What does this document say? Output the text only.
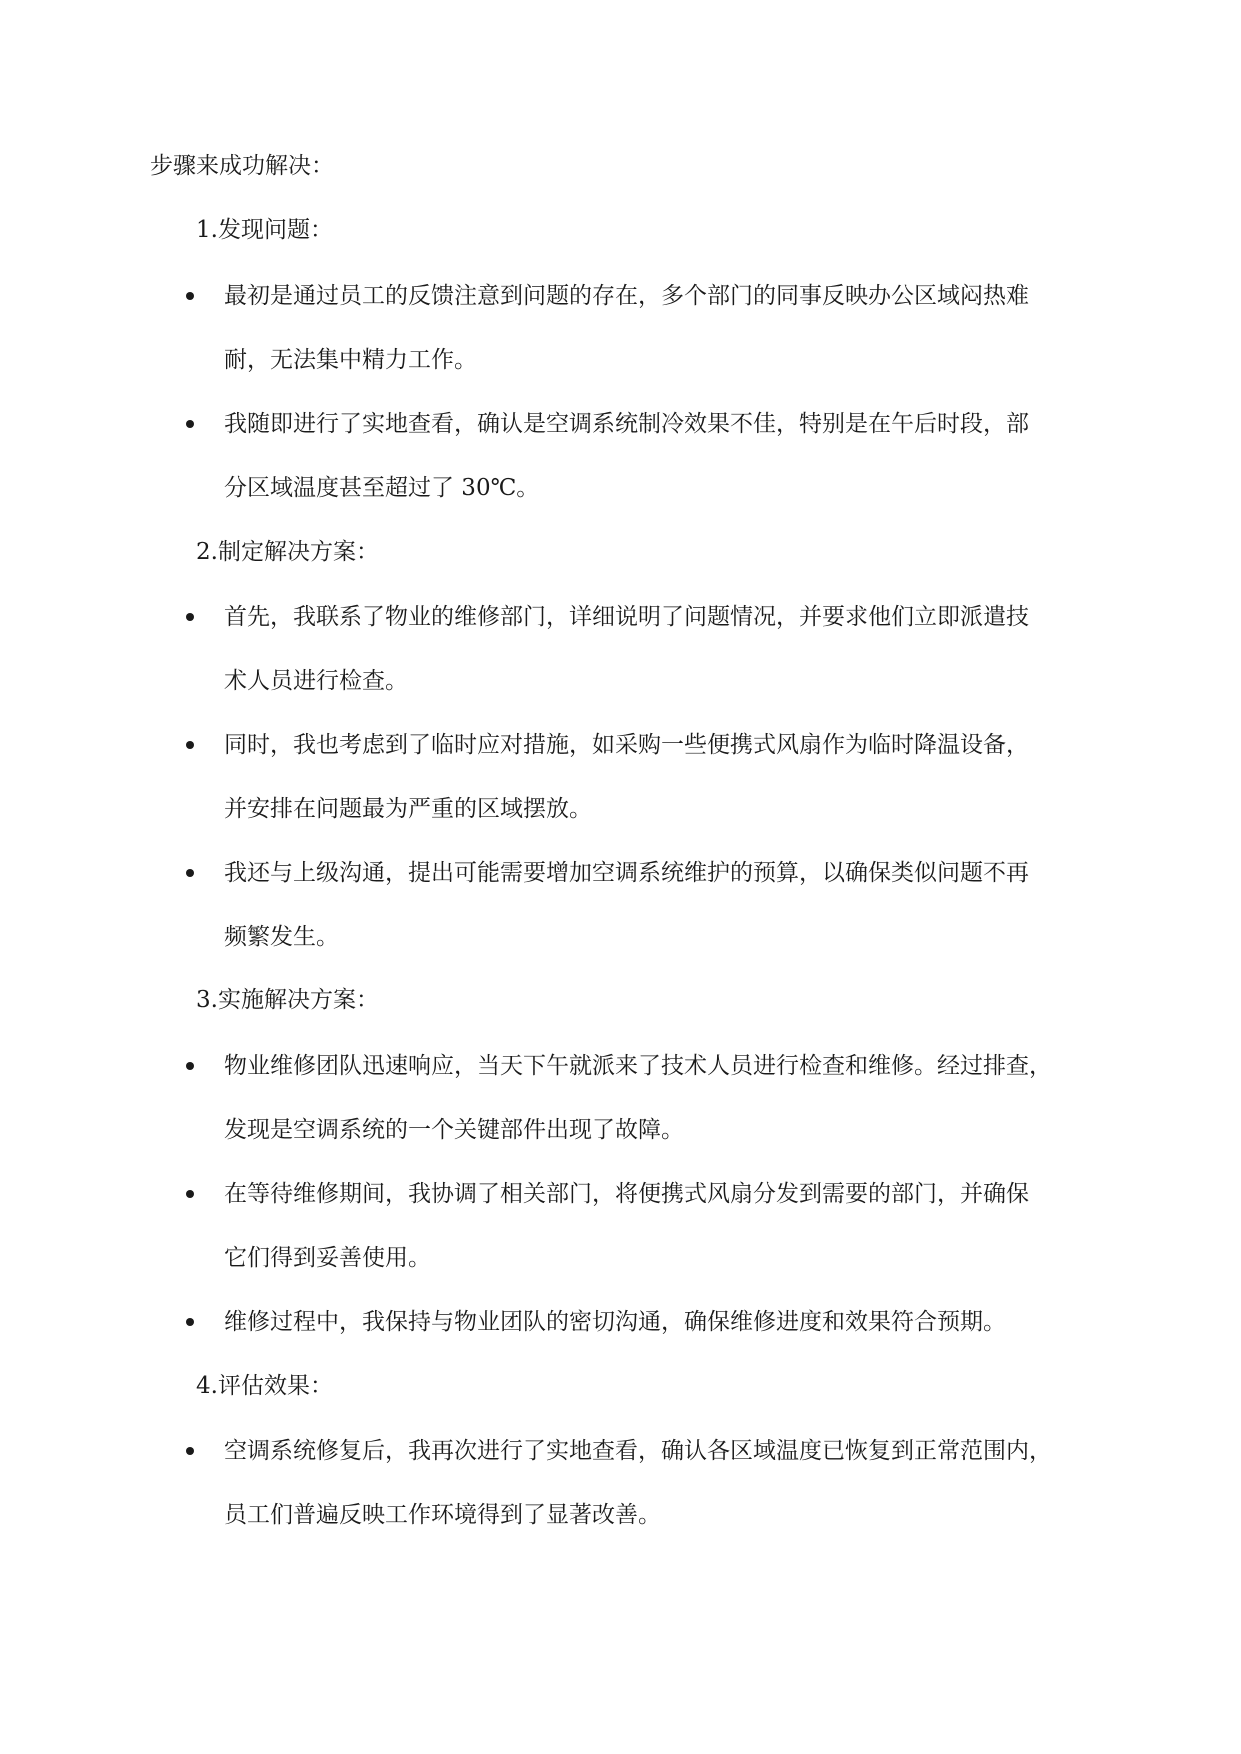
步骤来成功解决：
1.发现问题：
最初是通过员工的反馈注意到问题的存在，多个部门的同事反映办公区域闷热难
耐，无法集中精力工作。
我随即进行了实地查看，确认是空调系统制冷效果不佳，特别是在午后时段，部
分区域温度甚至超过了 30℃。
2.制定解决方案：
首先，我联系了物业的维修部门，详细说明了问题情况，并要求他们立即派遣技
术人员进行检查。
同时，我也考虑到了临时应对措施，如采购一些便携式风扇作为临时降温设备，
并安排在问题最为严重的区域摆放。
我还与上级沟通，提出可能需要增加空调系统维护的预算，以确保类似问题不再
频繁发生。
3.实施解决方案：
物业维修团队迅速响应，当天下午就派来了技术人员进行检查和维修。经过排查，
发现是空调系统的一个关键部件出现了故障。
在等待维修期间，我协调了相关部门，将便携式风扇分发到需要的部门，并确保
它们得到妥善使用。
维修过程中，我保持与物业团队的密切沟通，确保维修进度和效果符合预期。
4.评估效果：
空调系统修复后，我再次进行了实地查看，确认各区域温度已恢复到正常范围内，
员工们普遍反映工作环境得到了显著改善。
